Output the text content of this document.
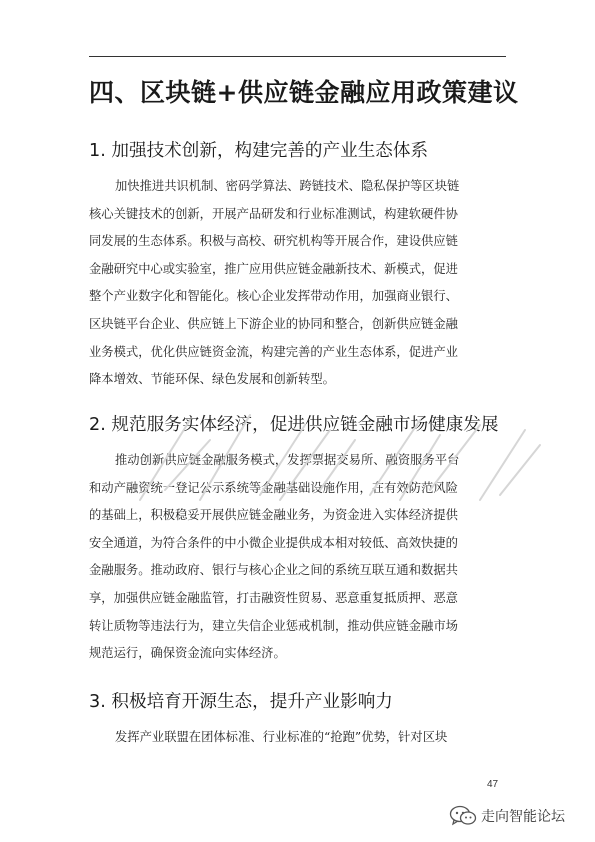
四、区块链+供应链金融应用政策建议
1. 加强技术创新，构建完善的产业生态体系
加快推进共识机制、密码学算法、跨链技术、隐私保护等区块链
核心关键技术的创新，开展产品研发和行业标准测试，构建软硬件协
同发展的生态体系。积极与高校、研究机构等开展合作，建设供应链
金融研究中心或实验室，推广应用供应链金融新技术、新模式，促进
整个产业数字化和智能化。核心企业发挥带动作用，加强商业银行、
区块链平台企业、供应链上下游企业的协同和整合，创新供应链金融
业务模式，优化供应链资金流，构建完善的产业生态体系，促进产业
降本增效、节能环保、绿色发展和创新转型。
2. 规范服务实体经济，促进供应链金融市场健康发展
推动创新供应链金融服务模式，发挥票据交易所、融资服务平台
和动产融资统一登记公示系统等金融基础设施作用，在有效防范风险
的基础上，积极稳妥开展供应链金融业务，为资金进入实体经济提供
安全通道，为符合条件的中小微企业提供成本相对较低、高效快捷的
金融服务。推动政府、银行与核心企业之间的系统互联互通和数据共
享，加强供应链金融监管，打击融资性贸易、恶意重复抵质押、恶意
转让质物等违法行为，建立失信企业惩戒机制，推动供应链金融市场
规范运行，确保资金流向实体经济。
3. 积极培育开源生态，提升产业影响力
发挥产业联盟在团体标准、行业标准的“抢跑”优势，针对区块
47
走向智能论坛
